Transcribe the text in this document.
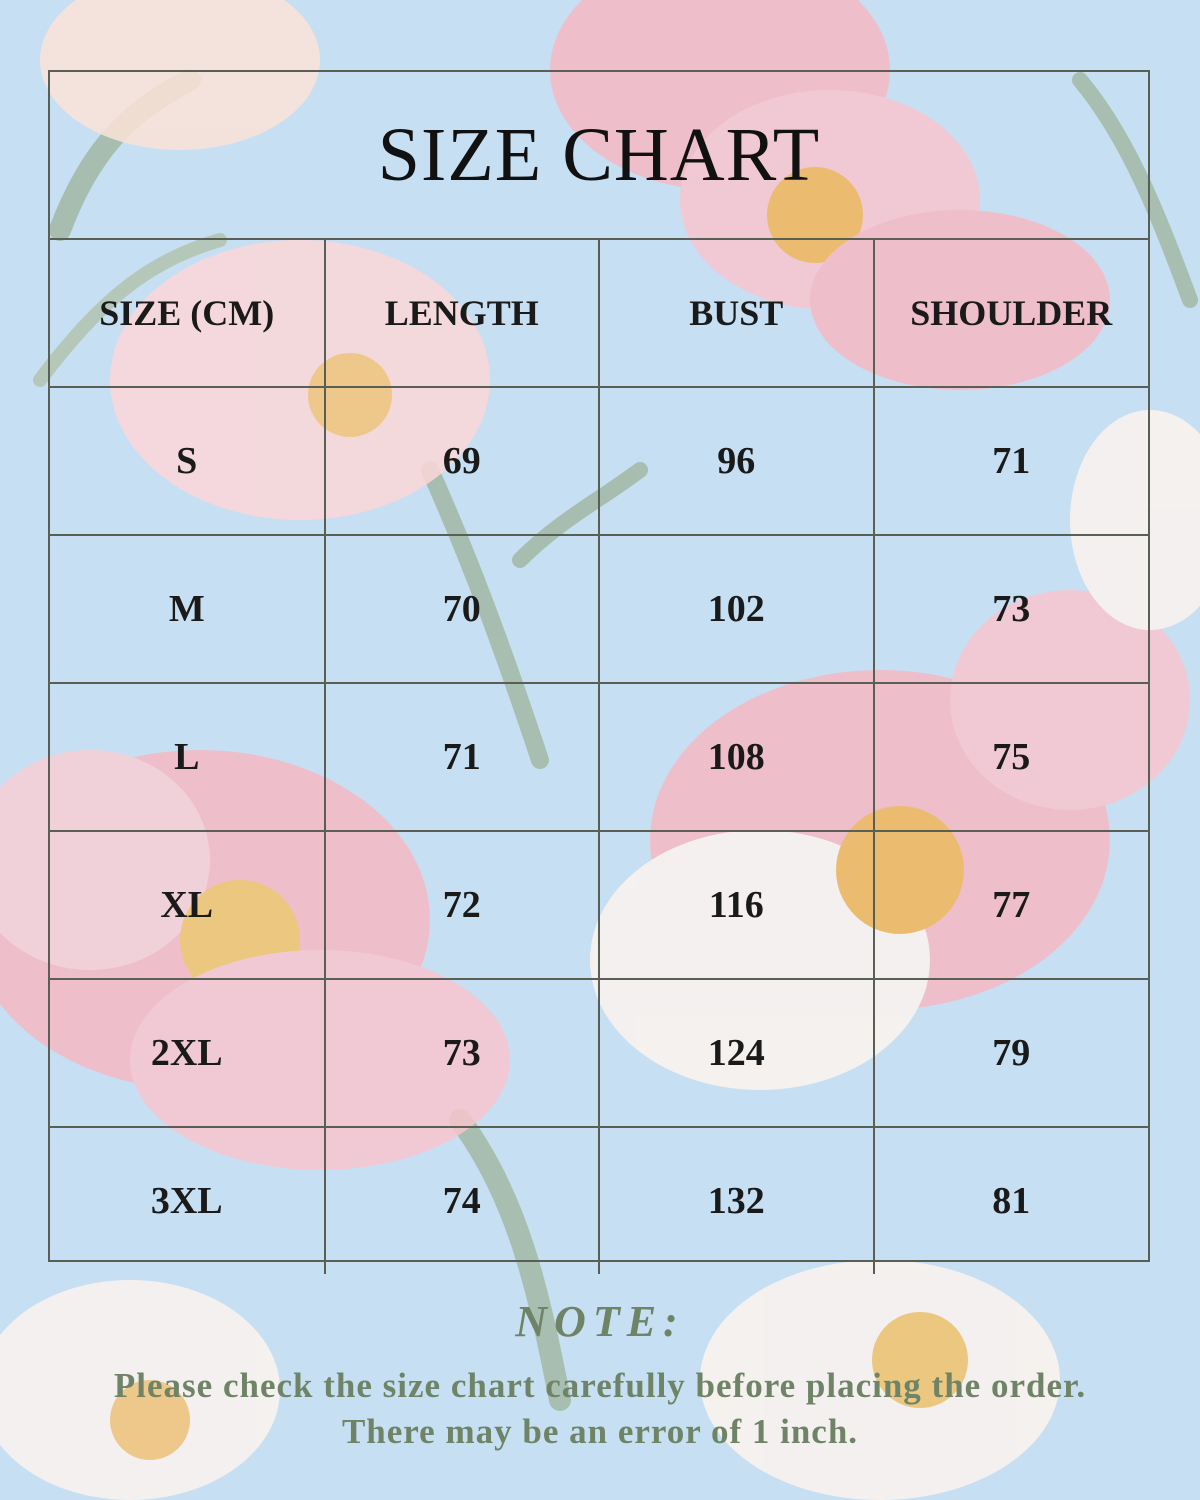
SIZE CHART
SIZE (CM)	LENGTH	BUST	SHOULDER
S	69	96	71
M	70	102	73
L	71	108	75
XL	72	116	77
2XL	73	124	79
3XL	74	132	81
NOTE:
Please check the size chart carefully before placing the order.
There may be an error of 1 inch.
